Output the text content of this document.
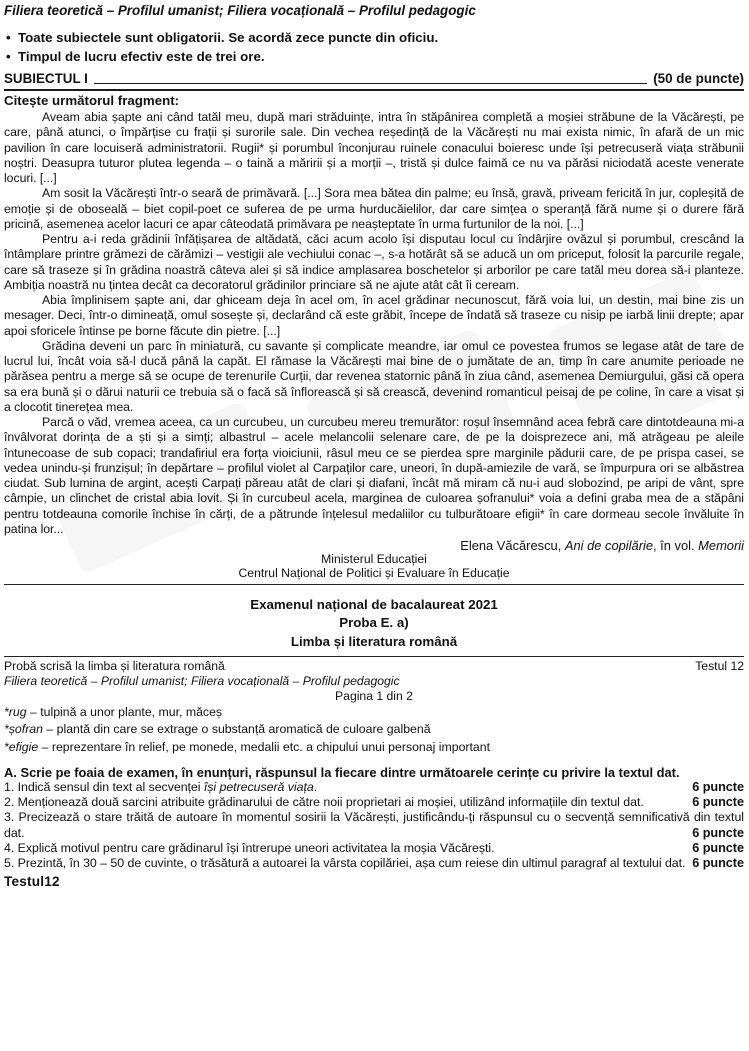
Filiera teoretică – Profilul umanist; Filiera vocațională – Profilul pedagogic
• Toate subiectele sunt obligatorii. Se acordă zece puncte din oficiu.
• Timpul de lucru efectiv este de trei ore.
SUBIECTUL I	(50 de puncte)
Citește următorul fragment:

Aveam abia șapte ani când tatăl meu, după mari străduințe, intra în stăpânirea completă a moșiei străbune de la Văcărești, pe care, până atunci, o împărțise cu frații și surorile sale. Din vechea reședință de la Văcărești nu mai exista nimic, în afară de un mic pavilion în care locuiseră administratorii. Rugii* și porumbul înconjurau ruinele conacului boieresc unde își petrecuseră viața străbunii noștri. Deasupra tuturor plutea legenda – o taină a măririi și a morții –, tristă și dulce faimă ce nu va părăsi niciodată aceste venerate locuri. [...]

Am sosit la Văcărești într-o seară de primăvară. [...] Sora mea bătea din palme; eu însă, gravă, priveam fericită în jur, copleșită de emoție și de oboseală – biet copil-poet ce suferea de pe urma hurducăielilor, dar care simțea o speranță fără nume și o durere fără pricină, asemenea acelor lacuri ce apar câteodată primăvara pe neașteptate în urma furtunilor de la noi. [...]

Pentru a-i reda grădinii înfățișarea de altădată, căci acum acolo își disputau locul cu îndârjire ovăzul și porumbul, crescând la întâmplare printre grămezi de cărămizi – vestigii ale vechiului conac –, s-a hotărât să se aducă un om priceput, folosit la parcurile regale, care să traseze și în grădina noastră câteva alei și să indice amplasarea boschetelor și arborilor pe care tatăl meu dorea să-i planteze. Ambiția noastră nu țintea decât ca decoratorul grădinilor princiare să ne ajute atât cât îi ceream.

Abia împlinisem șapte ani, dar ghiceam deja în acel om, în acel grădinar necunoscut, fără voia lui, un destin, mai bine zis un mesager. Deci, într-o dimineață, omul sosește și, declarând că este grăbit, începe de îndată să traseze cu nisip pe iarbă linii drepte; apar apoi sforicele întinse pe borne făcute din pietre. [...]

Grădina deveni un parc în miniatură, cu savante și complicate meandre, iar omul ce povestea frumos se legase atât de tare de lucrul lui, încât voia să-l ducă până la capăt. El rămase la Văcărești mai bine de o jumătate de an, timp în care anumite perioade ne părăsea pentru a merge să se ocupe de terenurile Curții, dar revenea statornic până în ziua când, asemenea Demiurgului, găsi că opera sa era bună și o dărui naturii ce trebuia să o facă să înflorească și să crească, devenind romanticul peisaj de pe coline, în care a visat și a clocotit tinerețea mea.

Parcă o văd, vremea aceea, ca un curcubeu, un curcubeu mereu tremurător: roșul însemnând acea febră care dintotdeauna mi-a învâlvorat dorința de a ști și a simți; albastrul – acele melancolii selenare care, de pe la doisprezece ani, mă atrăgeau pe aleile întunecoase de sub copaci; trandafiriul era forța vioiciunii, râsul meu ce se pierdea spre marginile pădurii care, de pe prispa casei, se vedea unindu-și frunzișul; în depărtare – profilul violet al Carpaților care, uneori, în după-amiezile de vară, se împurpura ori se albăstrea ciudat. Sub lumina de argint, acești Carpați păreau atât de clari și diafani, încât mă miram că nu-i aud slobozind, pe aripi de vânt, spre câmpie, un clinchet de cristal abia lovit. Și în curcubeul acela, marginea de culoarea șofranului* voia a defini graba mea de a stăpâni pentru totdeauna comorile închise în cărți, de a pătrunde înțelesul medaliilor cu tulburătoare efigii* în care dormeau secole învăluite în patina lor...

Elena Văcărescu, Ani de copilărie, în vol. Memorii
Ministerul Educației
Centrul Național de Politici și Evaluare în Educație
Examenul național de bacalaureat 2021
Proba E. a)
Limba și literatura română
Probă scrisă la limba și literatura română	Testul 12
Filiera teoretică – Profilul umanist; Filiera vocațională – Profilul pedagogic
Pagina 1 din 2
*rug – tulpină a unor plante, mur, măceș
*șofran – plantă din care se extrage o substanță aromatică de culoare galbenă
*efigie – reprezentare în relief, pe monede, medalii etc. a chipului unui personaj important
A. Scrie pe foaia de examen, în enunțuri, răspunsul la fiecare dintre următoarele cerințe cu privire la textul dat.
1. Indică sensul din text al secvenței își petrecuseră viața.	6 puncte
2. Menționează două sarcini atribuite grădinarului de către noii proprietari ai moșiei, utilizând informațiile din textul dat.	6 puncte
3. Precizează o stare trăită de autoare în momentul sosirii la Văcărești, justificându-ți răspunsul cu o secvență semnificativă din textul dat.	6 puncte
4. Explică motivul pentru care grădinarul își întrerupe uneori activitatea la moșia Văcărești.	6 puncte
5. Prezintă, în 30 – 50 de cuvinte, o trăsătură a autoarei la vârsta copilăriei, așa cum reiese din ultimul paragraf al textului dat. 6 puncte
Testul12
